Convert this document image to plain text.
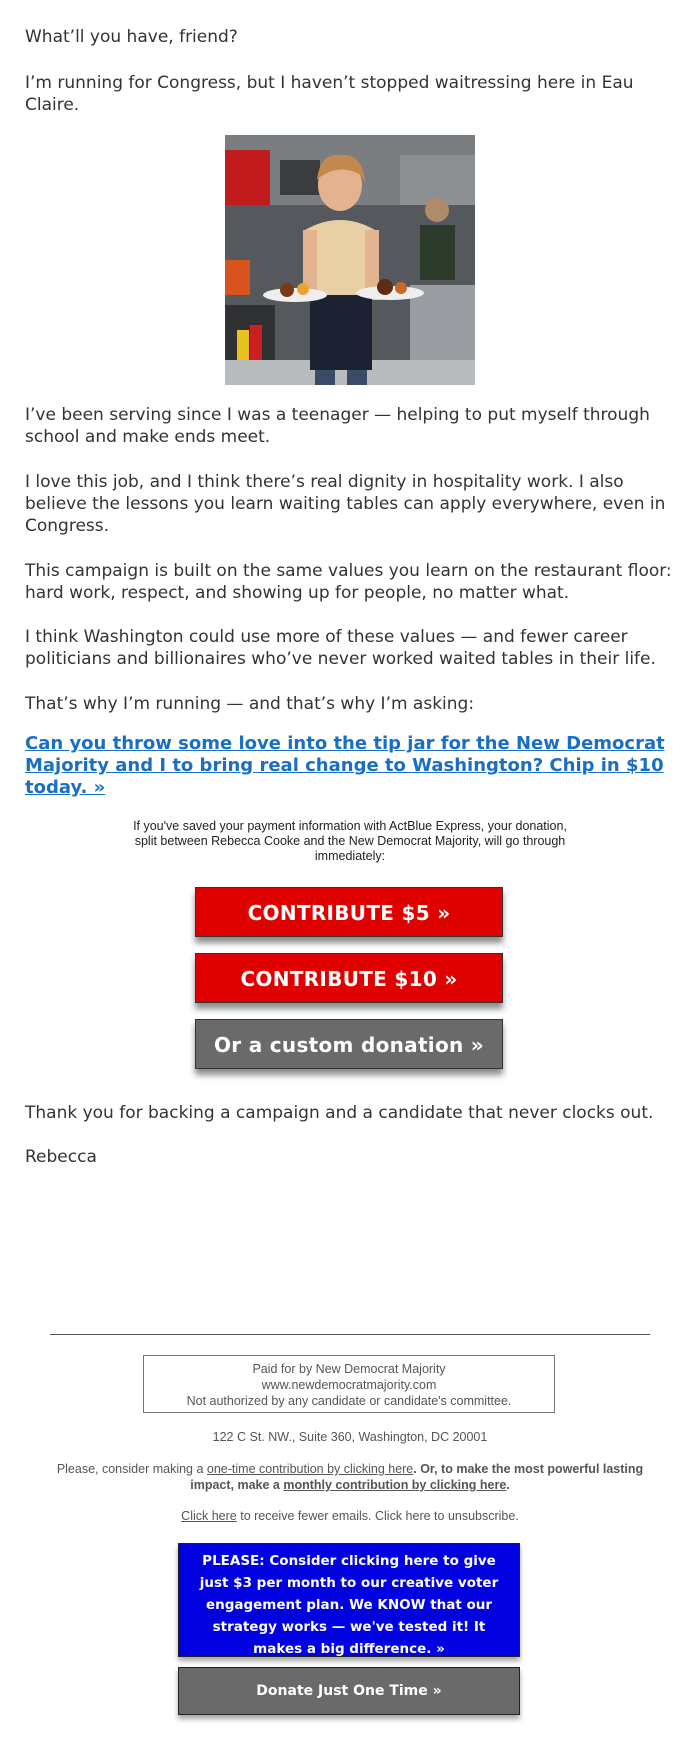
What’ll you have, friend?

I’m running for Congress, but I haven’t stopped waitressing here in Eau Claire.

I’ve been serving since I was a teenager — helping to put myself through school and make ends meet.

I love this job, and I think there’s real dignity in hospitality work. I also believe the lessons you learn waiting tables can apply everywhere, even in Congress.

This campaign is built on the same values you learn on the restaurant floor: hard work, respect, and showing up for people, no matter what.

I think Washington could use more of these values — and fewer career politicians and billionaires who’ve never worked waited tables in their life.

That’s why I’m running — and that’s why I’m asking:

Can you throw some love into the tip jar for the New Democrat Majority and I to bring real change to Washington? Chip in $10 today. »
If you've saved your payment information with ActBlue Express, your donation, split between Rebecca Cooke and the New Democrat Majority, will go through immediately:
CONTRIBUTE $5 »
CONTRIBUTE $10 »
Or a custom donation »

Thank you for backing a campaign and a candidate that never clocks out.

Rebecca

Paid for by New Democrat Majority
www.newdemocratmajority.com
Not authorized by any candidate or candidate's committee.
122 C St. NW., Suite 360, Washington, DC 20001
Please, consider making a one-time contribution by clicking here. Or, to make the most powerful lasting impact, make a monthly contribution by clicking here.
Click here to receive fewer emails. Click here to unsubscribe.
PLEASE: Consider clicking here to give just $3 per month to our creative voter engagement plan. We KNOW that our strategy works — we've tested it! It makes a big difference. »
Donate Just One Time »
